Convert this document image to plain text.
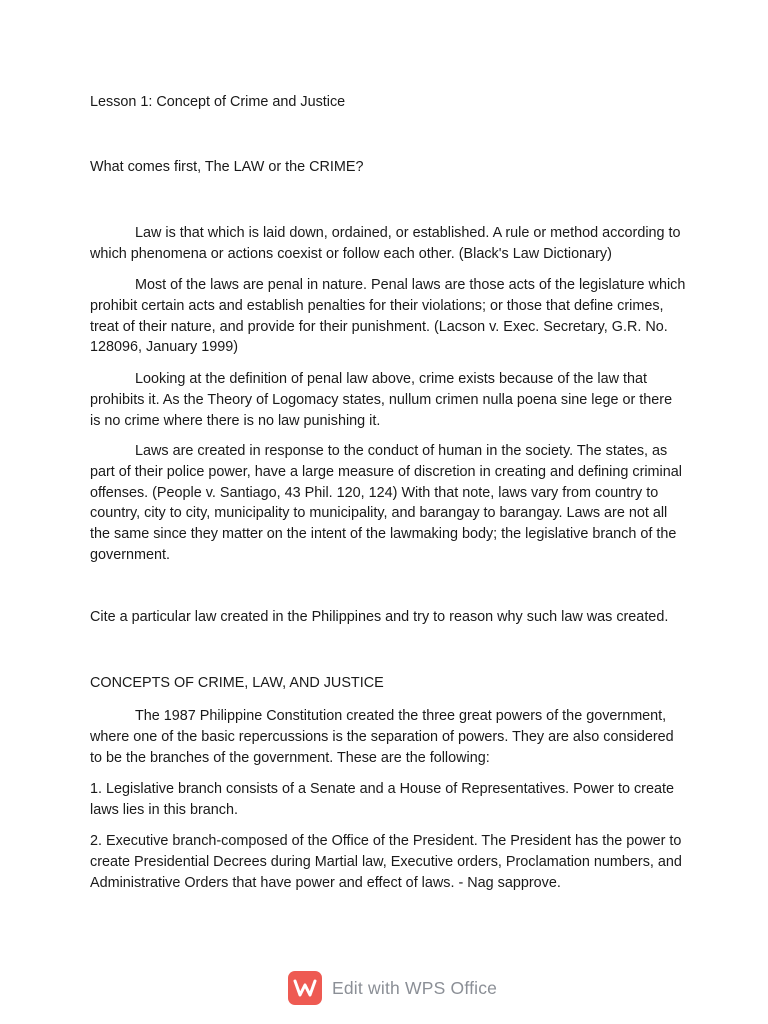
Lesson 1: Concept of Crime and Justice

What comes first, The LAW or the CRIME?

Law is that which is laid down, ordained, or established. A rule or method according to which phenomena or actions coexist or follow each other. (Black's Law Dictionary)

Most of the laws are penal in nature. Penal laws are those acts of the legislature which prohibit certain acts and establish penalties for their violations; or those that define crimes, treat of their nature, and provide for their punishment. (Lacson v. Exec. Secretary, G.R. No. 128096, January 1999)

Looking at the definition of penal law above, crime exists because of the law that prohibits it. As the Theory of Logomacy states, nullum crimen nulla poena sine lege or there is no crime where there is no law punishing it.

Laws are created in response to the conduct of human in the society. The states, as part of their police power, have a large measure of discretion in creating and defining criminal offenses. (People v. Santiago, 43 Phil. 120, 124) With that note, laws vary from country to country, city to city, municipality to municipality, and barangay to barangay. Laws are not all the same since they matter on the intent of the lawmaking body; the legislative branch of the government.

Cite a particular law created in the Philippines and try to reason why such law was created.

CONCEPTS OF CRIME, LAW, AND JUSTICE

The 1987 Philippine Constitution created the three great powers of the government, where one of the basic repercussions is the separation of powers. They are also considered to be the branches of the government. These are the following:

1. Legislative branch consists of a Senate and a House of Representatives. Power to create laws lies in this branch.

2. Executive branch-composed of the Office of the President. The President has the power to create Presidential Decrees during Martial law, Executive orders, Proclamation numbers, and Administrative Orders that have power and effect of laws. - Nag sapprove.

Edit with WPS Office
